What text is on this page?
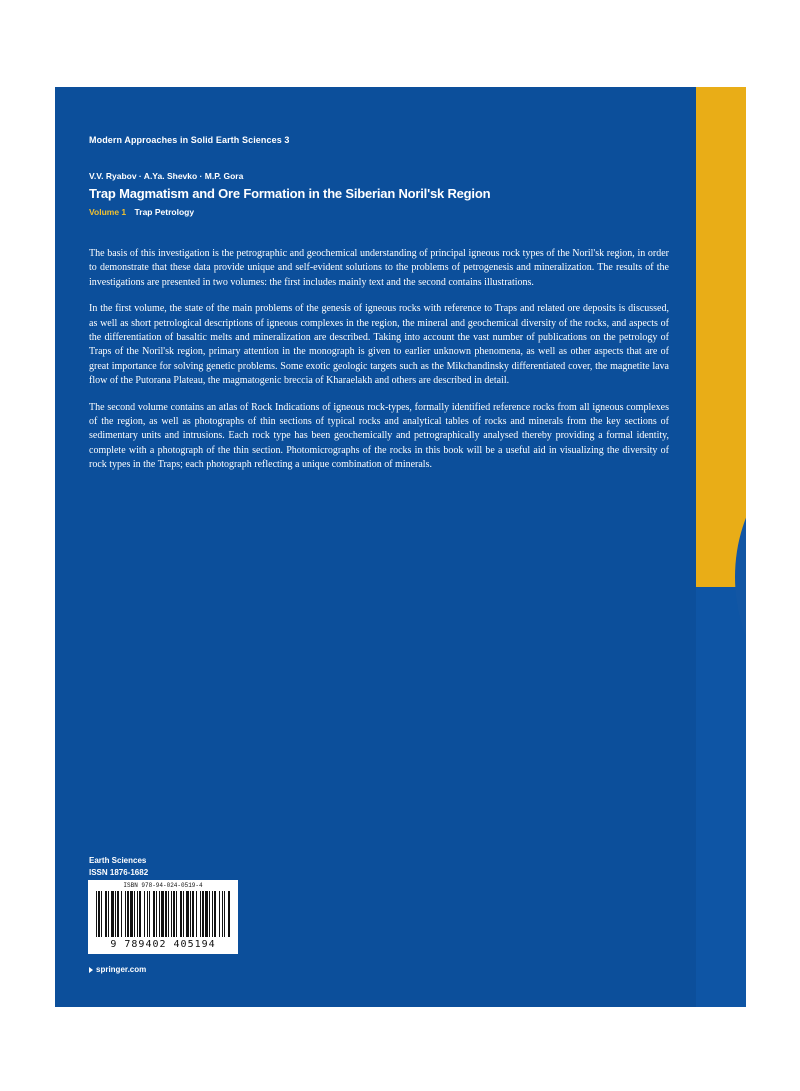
Modern Approaches in Solid Earth Sciences 3
V.V. Ryabov · A.Ya. Shevko · M.P. Gora
Trap Magmatism and Ore Formation in the Siberian Noril'sk Region
Volume 1 Trap Petrology

The basis of this investigation is the petrographic and geochemical understanding of principal igneous rock types of the Noril'sk region, in order to demonstrate that these data provide unique and self-evident solutions to the problems of petrogenesis and mineralization. The results of the investigations are presented in two volumes: the first includes mainly text and the second contains illustrations.

In the first volume, the state of the main problems of the genesis of igneous rocks with reference to Traps and related ore deposits is discussed, as well as short petrological descriptions of igneous complexes in the region, the mineral and geochemical diversity of the rocks, and aspects of the differentiation of basaltic melts and mineralization are described. Taking into account the vast number of publications on the petrology of Traps of the Noril'sk region, primary attention in the monograph is given to earlier unknown phenomena, as well as other aspects that are of great importance for solving genetic problems. Some exotic geologic targets such as the Mikchandinsky differentiated cover, the magnetite lava flow of the Putorana Plateau, the magmatogenic breccia of Kharaelakh and others are described in detail.

The second volume contains an atlas of Rock Indications of igneous rock-types, formally identified reference rocks from all igneous complexes of the region, as well as photographs of thin sections of typical rocks and analytical tables of rocks and minerals from the key sections of sedimentary units and intrusions. Each rock type has been geochemically and petrographically analysed thereby providing a formal identity, complete with a photograph of the thin section. Photomicrographs of the rocks in this book will be a useful aid in visualizing the diversity of rock types in the Traps; each photograph reflecting a unique combination of minerals.

Earth Sciences
ISSN 1876-1682
ISBN 978-94-024-0519-4
9 789402 405194
springer.com
